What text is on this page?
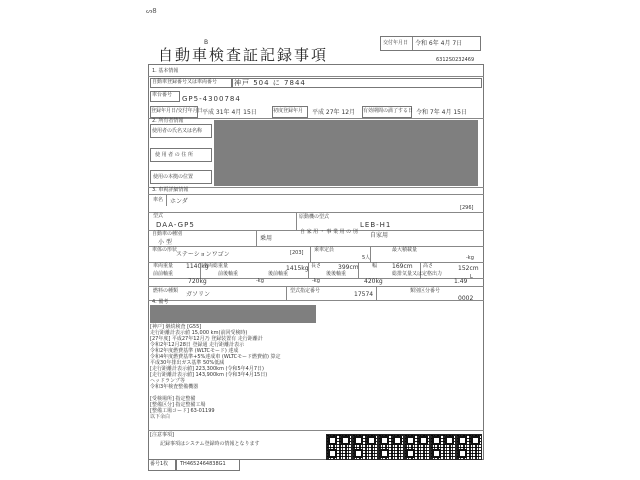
ᔕ8
B
自動車検査証記録事項
交付年月日 令和 6年 4月 7日
6312S0232469
1. 基本情報
自動車登録番号又は車両番号 神戸 504 に 7844
車台番号 GP5-4300784
登録年月日/交付年月日 平成 31年 4月 15日	初度登録年月 平成 27年 12月 有効期間の満了する日 令和 7年 4月 15日
2. 所有者情報
使用者の氏名又は名称
使 用 者 の 住 所
使用の本拠の位置
3. 車両詳細情報
車名 ホンダ
[296]
型式
DAA-GP5
原動機の型式
LEB-H1
自動車の種別
小 型
乗用
自 家 用 ・ 事 業 用 の 別 自家用
車体の形状
ステーションワゴン	[203] 乗車定員
5人
最大積載量
-kg
車両重量 1140kg
車両総重量	1415kg 長さ	399cm	幅 169cm 高さ	152cm
前前軸重
720kg
前後軸重
-kg
後前軸重
-kg
後後軸重
420kg
総排気量又は定格出力
1.49
L
燃料の種類 ガソリン	型式指定番号	17574	類別区分番号
0002
4. 備考
[神戸] 継続検査 [G55]
走行距離計表示値 15,000 km(前回受検時)
[27年度] 平成27年12月乃 登録装置有 走行距離計
令和2年12月28日 登録通 走行距離計表示
令和2年度燃費基準 (WLTCモード) 達成
令和4年度燃費基準+5%達成車 (WLTCモード燃費値) 算定
平成30年排出ガス基準 50%低減
[走行距離計表示値] 223,300km (令和5年4月7日)
[走行距離計表示値] 143,900km (令和3年4月15日)
ヘッドランプ等
令和3年検査整備機器
[受検場所] 指定整備
[整備区分] 指定整備工場
[整備工場コード] 63-01199
以下余白
[注意事項]
記録事項はシステム登録時の情報となります
番号1枚 TH4652464838G1
